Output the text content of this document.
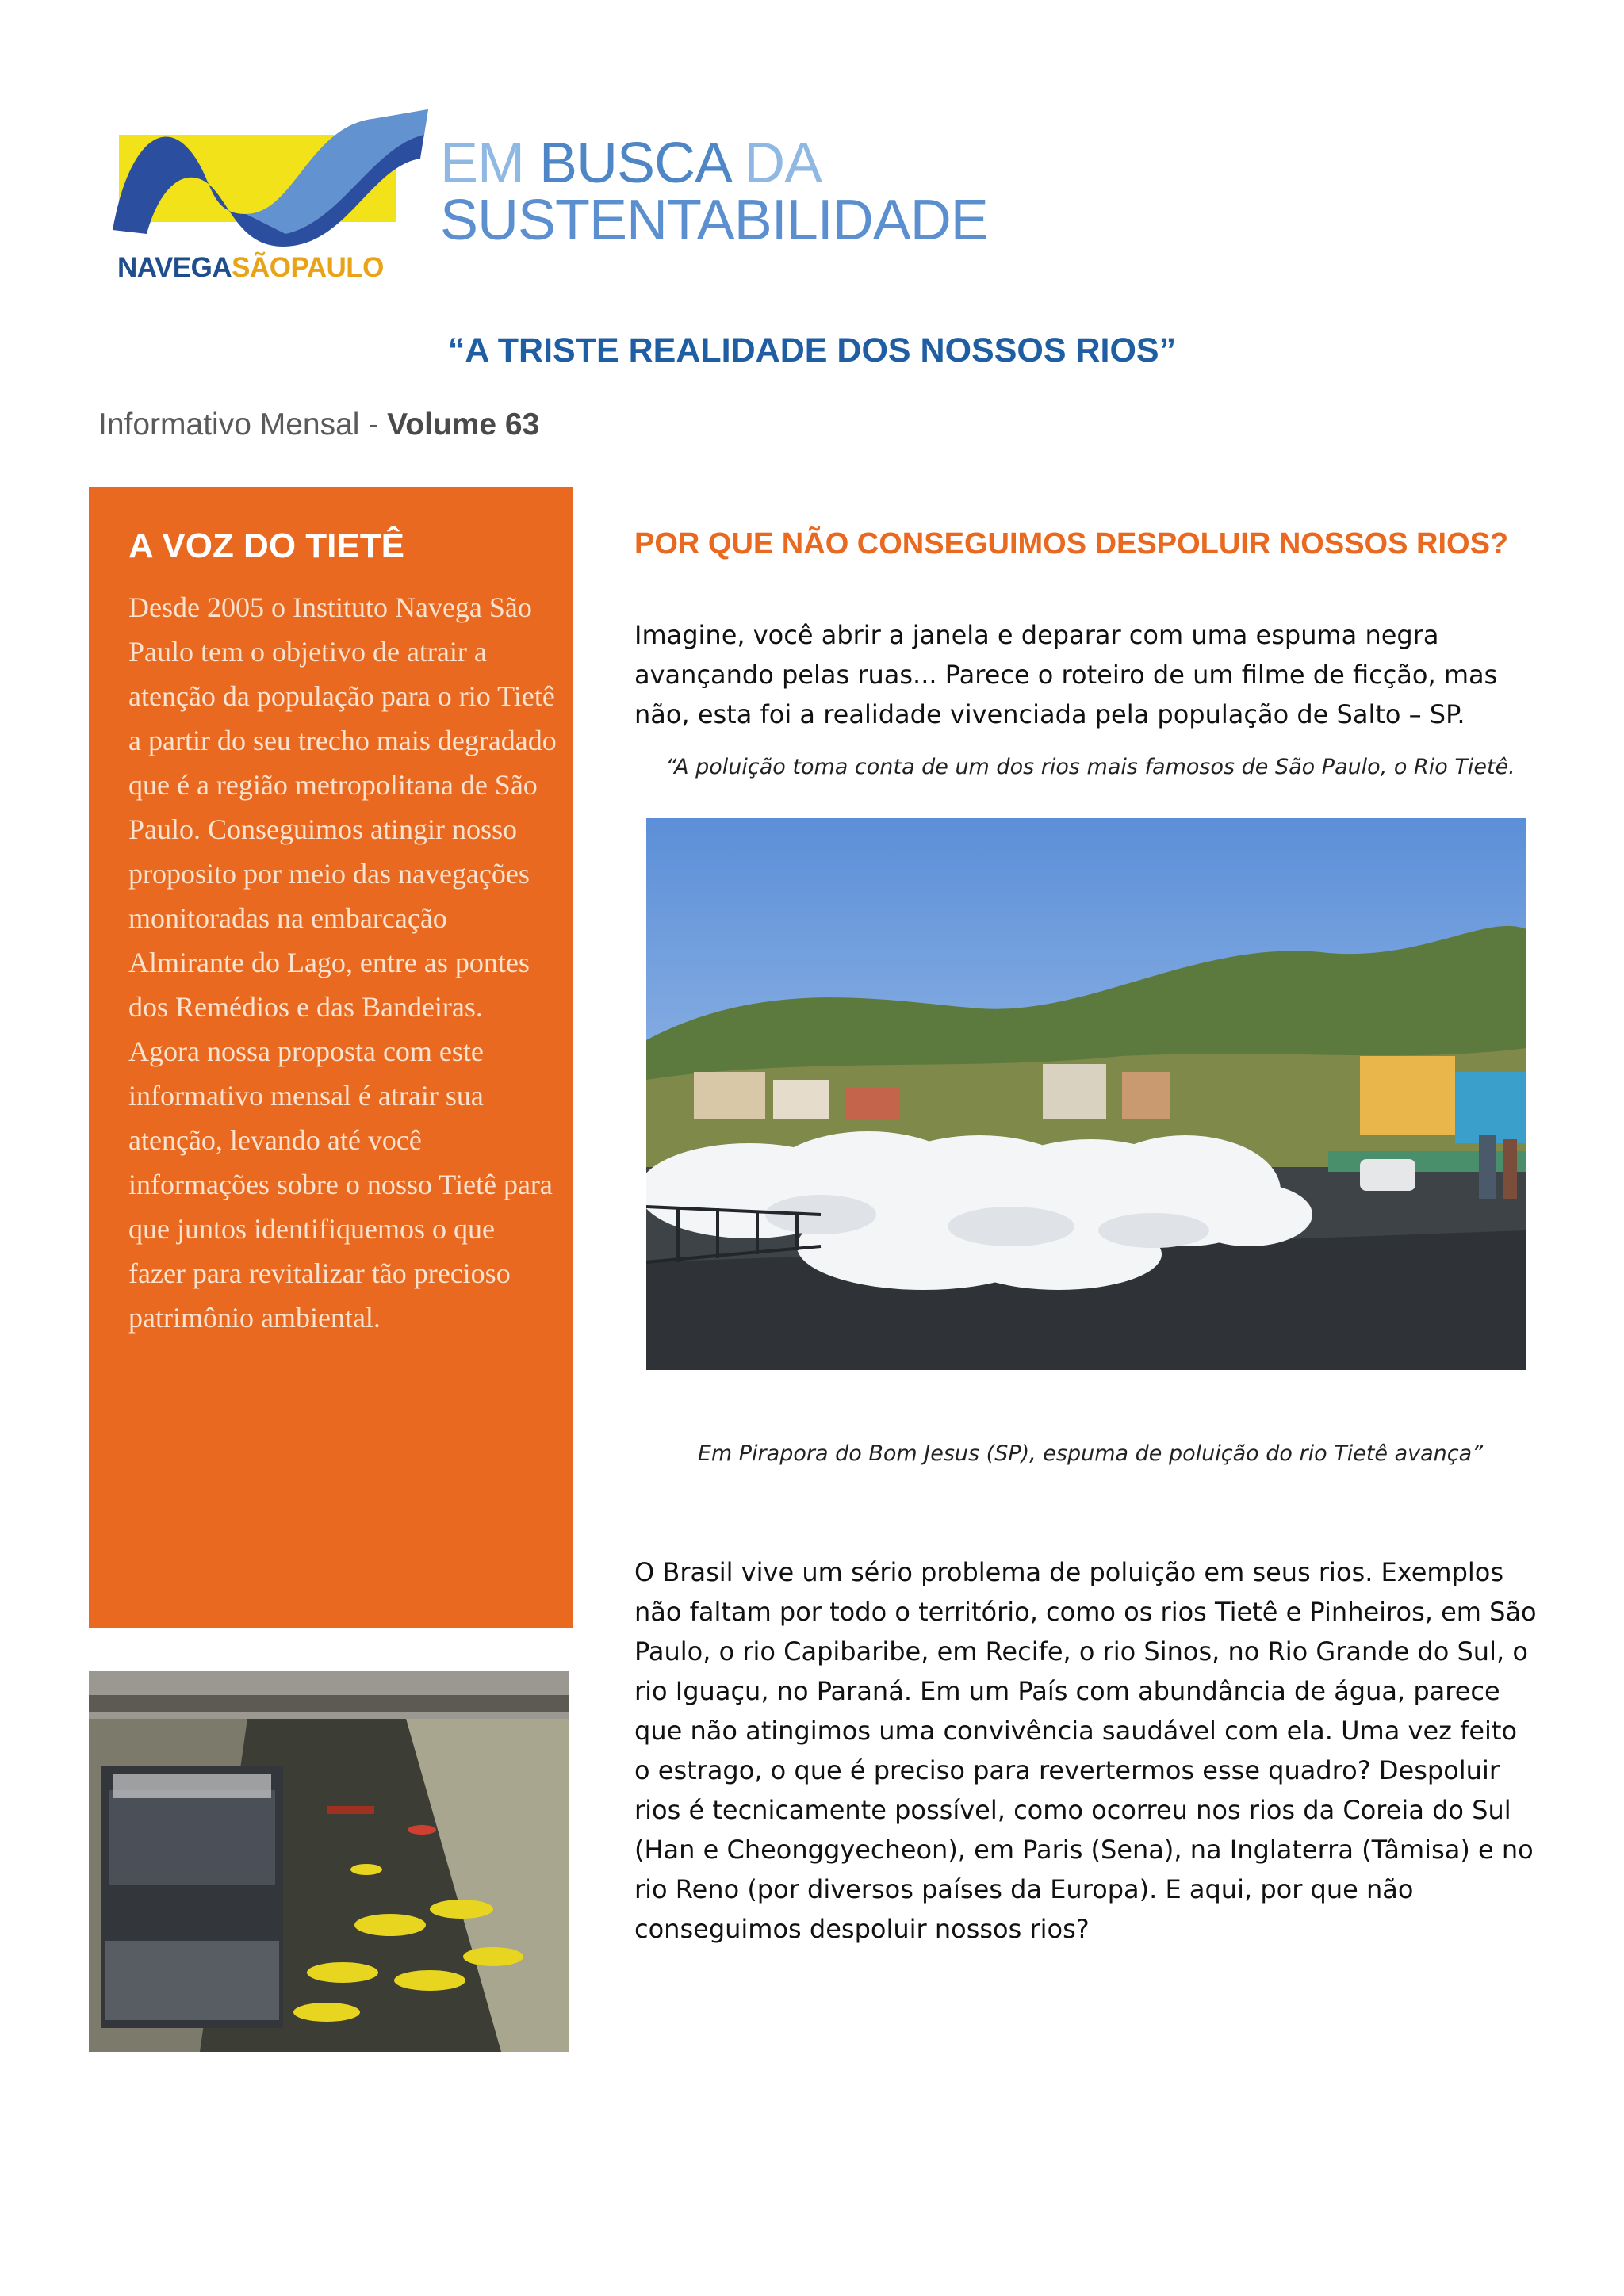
NAVEGASÃOPAULO
EM BUSCA DA
SUSTENTABILIDADE
“A TRISTE REALIDADE DOS NOSSOS RIOS”
Informativo Mensal - Volume 63
A VOZ DO TIETÊ
Desde 2005 o Instituto Navega São Paulo tem o objetivo de atrair a atenção da população para o rio Tietê a partir do seu trecho mais degradado que é a região metropolitana de São Paulo. Conseguimos atingir nosso proposito por meio das navegações monitoradas na embarcação Almirante do Lago, entre as pontes dos Remédios e das Bandeiras. Agora nossa proposta com este informativo mensal é atrair sua atenção, levando até você informações sobre o nosso Tietê para que juntos identifiquemos o que fazer para revitalizar tão precioso patrimônio ambiental.
POR QUE NÃO CONSEGUIMOS DESPOLUIR NOSSOS RIOS?
Imagine, você abrir a janela e deparar com uma espuma negra avançando pelas ruas... Parece o roteiro de um filme de ficção, mas não, esta foi a realidade vivenciada pela população de Salto – SP.
“A poluição toma conta de um dos rios mais famosos de São Paulo, o Rio Tietê.
Em Pirapora do Bom Jesus (SP), espuma de poluição do rio Tietê avança”
O Brasil vive um sério problema de poluição em seus rios. Exemplos não faltam por todo o território, como os rios Tietê e Pinheiros, em São Paulo, o rio Capibaribe, em Recife, o rio Sinos, no Rio Grande do Sul, o rio Iguaçu, no Paraná. Em um País com abundância de água, parece que não atingimos uma convivência saudável com ela. Uma vez feito o estrago, o que é preciso para revertermos esse quadro? Despoluir rios é tecnicamente possível, como ocorreu nos rios da Coreia do Sul (Han e Cheonggyecheon), em Paris (Sena), na Inglaterra (Tâmisa) e no rio Reno (por diversos países da Europa). E aqui, por que não conseguimos despoluir nossos rios?
